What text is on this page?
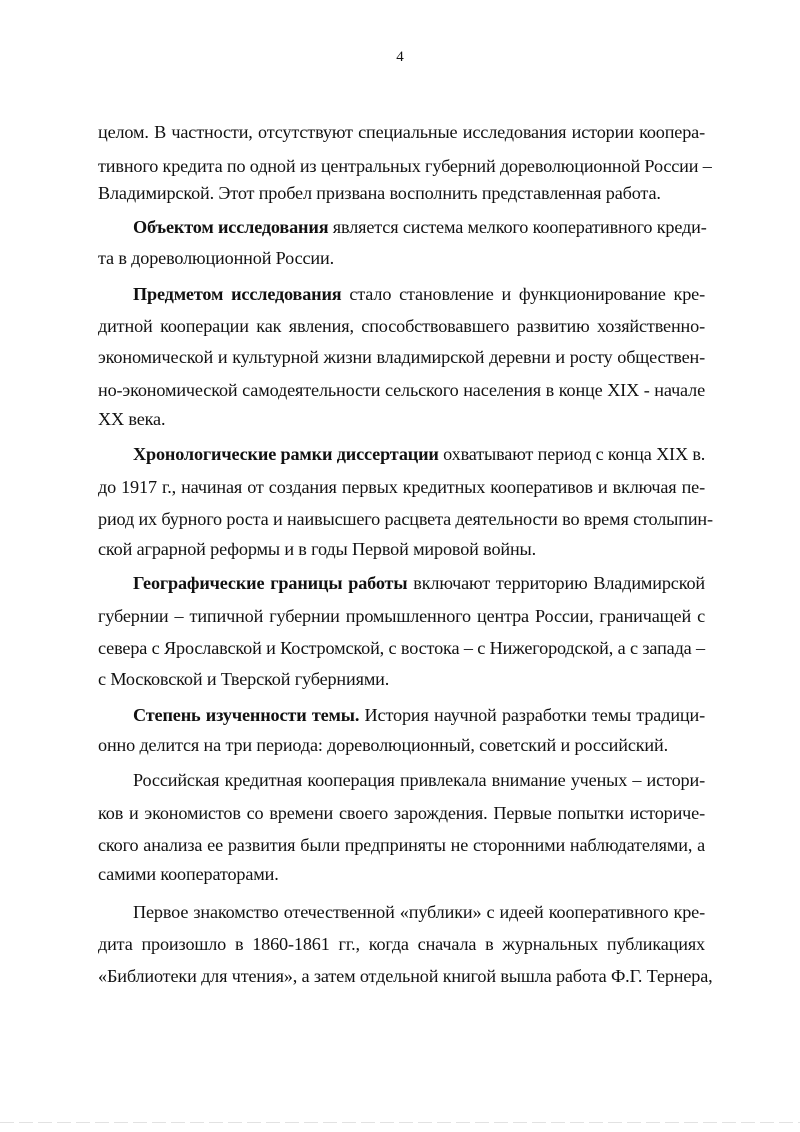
4
целом. В частности, отсутствуют специальные исследования истории коопера-
тивного кредита по одной из центральных губерний дореволюционной России –
Владимирской. Этот пробел призвана восполнить представленная работа.
Объектом исследования является система мелкого кооперативного креди-
та в дореволюционной России.
Предметом исследования стало становление и функционирование кре-
дитной кооперации как явления, способствовавшего развитию хозяйственно-
экономической и культурной жизни владимирской деревни и росту обществен-
но-экономической самодеятельности сельского населения в конце XIX - начале
XX века.
Хронологические рамки диссертации охватывают период с конца XIX в.
до 1917 г., начиная от создания первых кредитных кооперативов и включая пе-
риод их бурного роста и наивысшего расцвета деятельности во время столыпин-
ской аграрной реформы и в годы Первой мировой войны.
Географические границы работы включают территорию Владимирской
губернии – типичной губернии промышленного центра России, граничащей с
севера с Ярославской и Костромской, с востока – с Нижегородской, а с запада –
с Московской и Тверской губерниями.
Степень изученности темы. История научной разработки темы традици-
онно делится на три периода: дореволюционный, советский и российский.
Российская кредитная кооперация привлекала внимание ученых – истори-
ков и экономистов со времени своего зарождения. Первые попытки историче-
ского анализа ее развития были предприняты не сторонними наблюдателями, а
самими кооператорами.
Первое знакомство отечественной «публики» с идеей кооперативного кре-
дита произошло в 1860-1861 гг., когда сначала в журнальных публикациях
«Библиотеки для чтения», а затем отдельной книгой вышла работа Ф.Г. Тернера,
